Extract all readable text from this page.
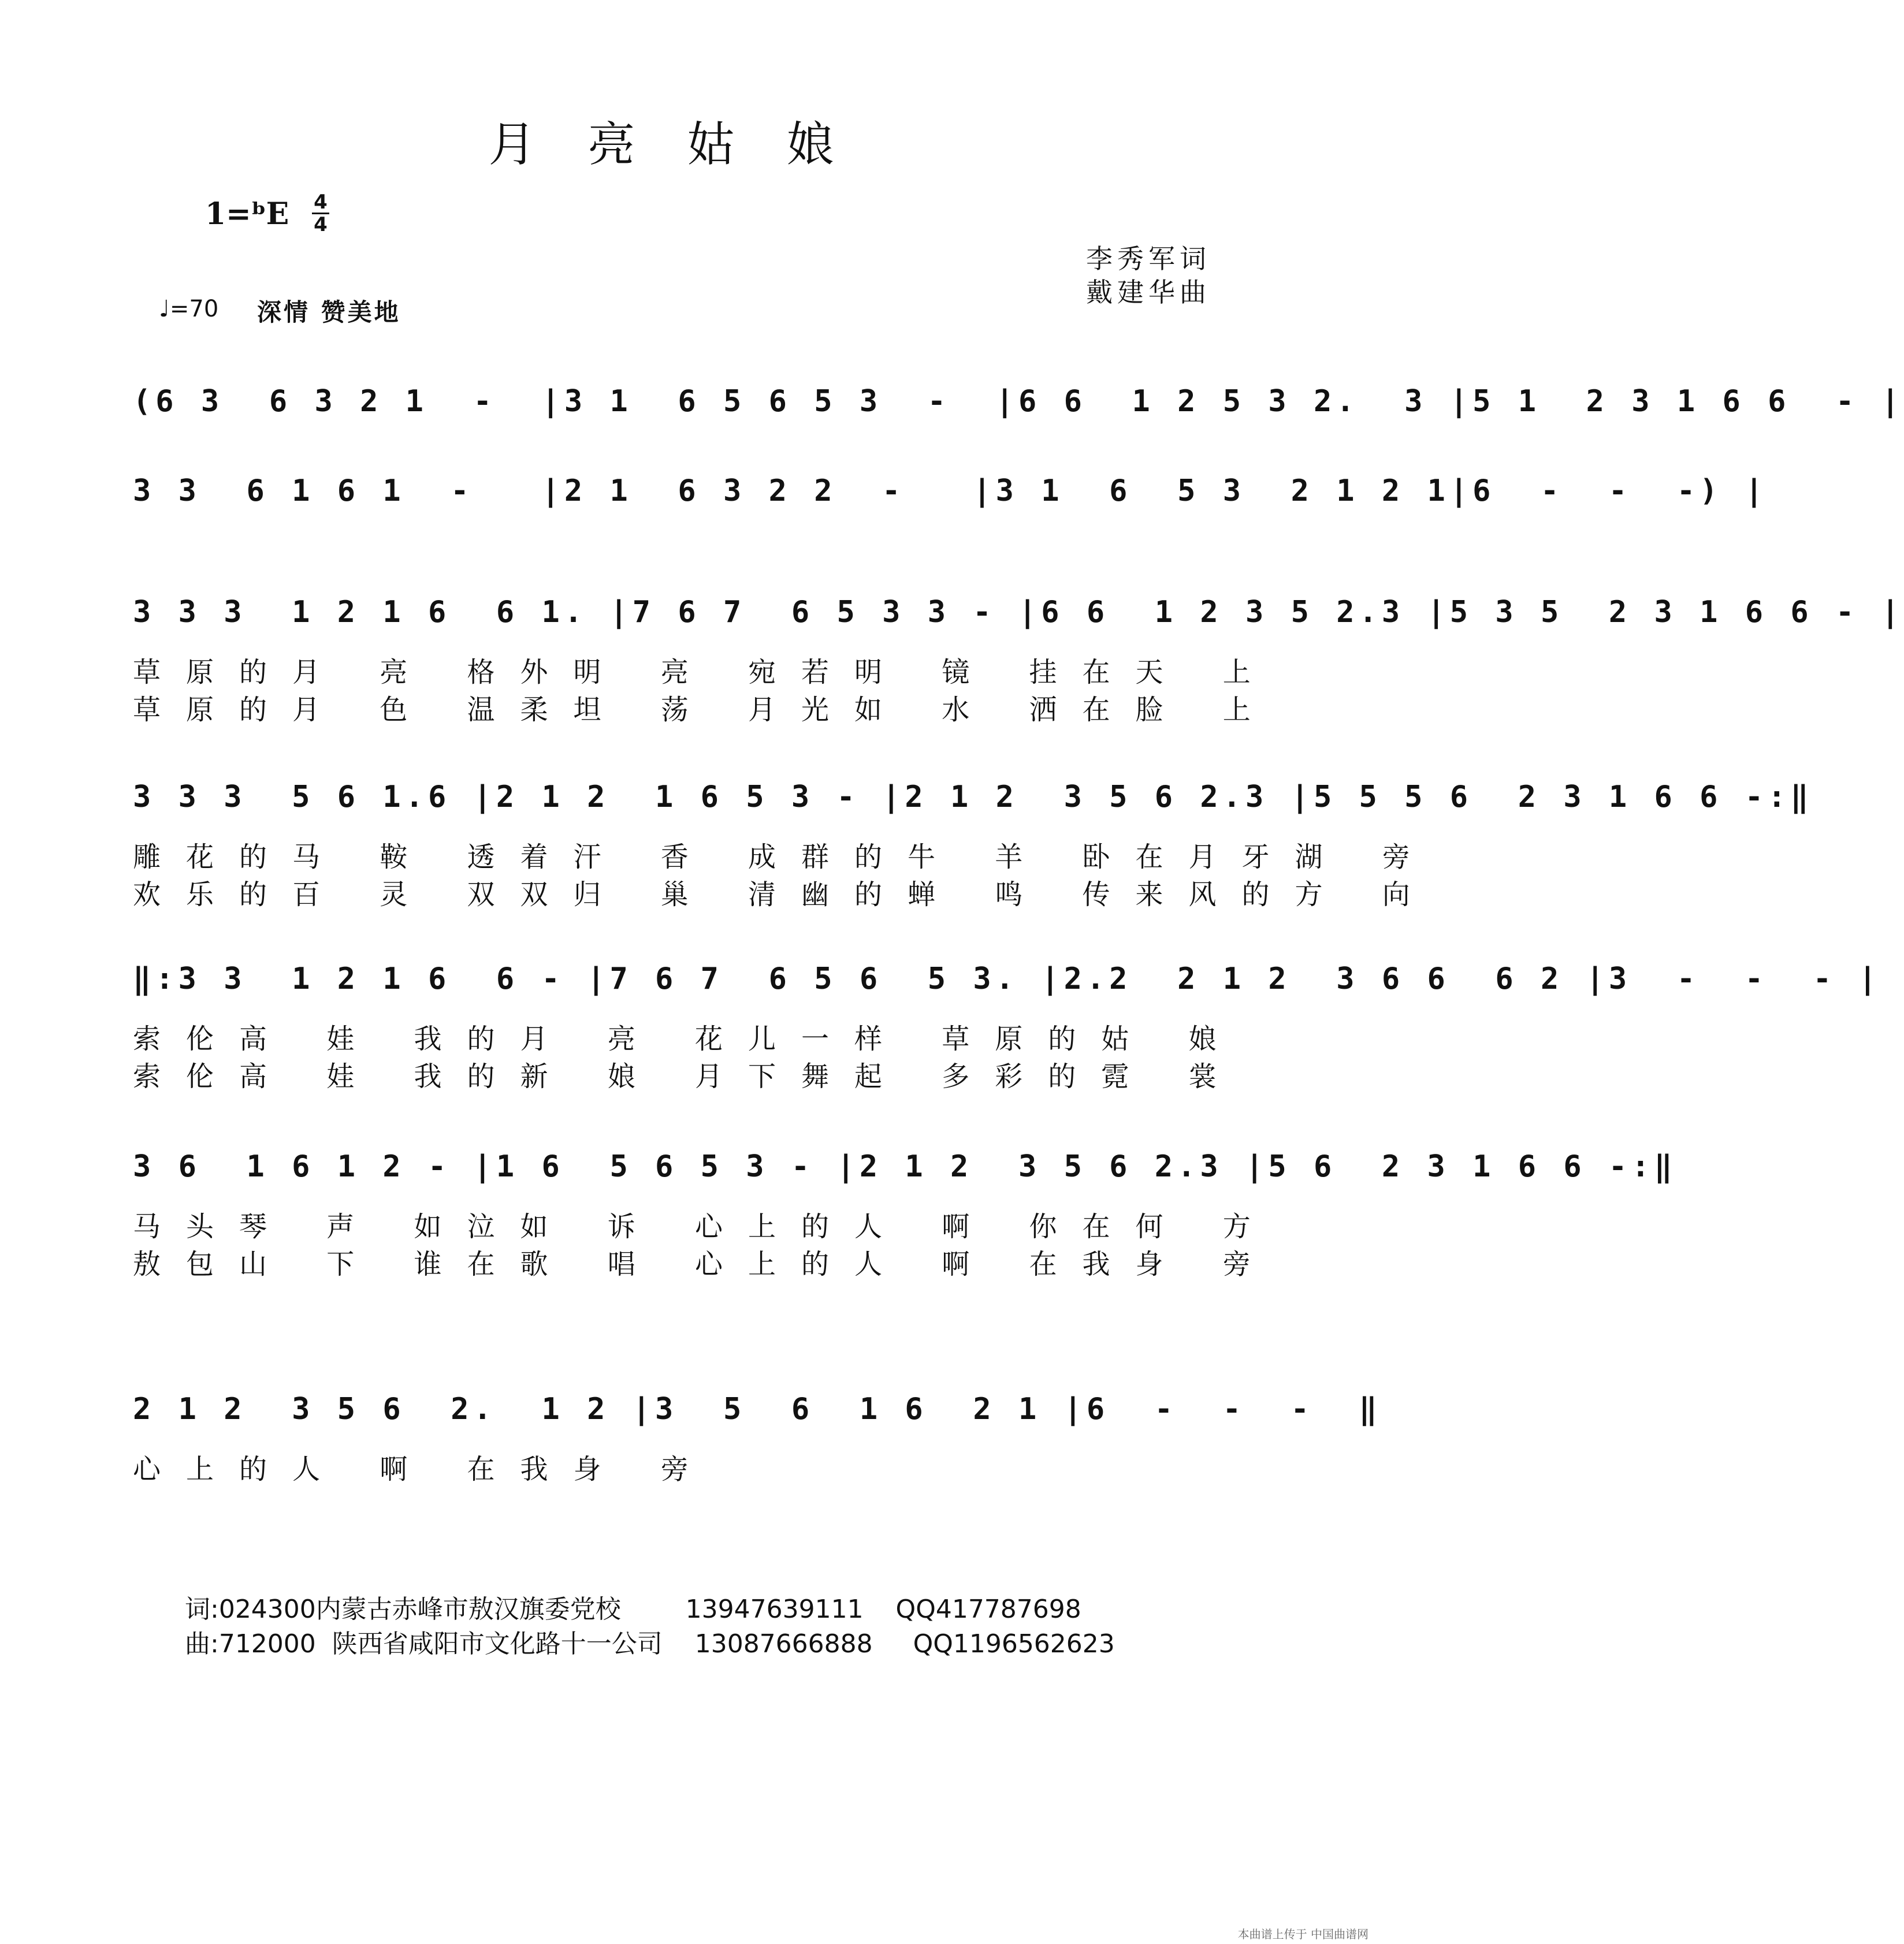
月亮姑娘
1=ᵇE 4
4
李秀军词
戴建华曲
♩=70 深情 赞美地
(6 3  6 3 2 1  -  |3 1  6 5 6 5 3  -  |6 6  1 2 5 3 2.  3 |5 1  2 3 1 6 6  - |
3 3  6 1 6 1  -   |2 1  6 3 2 2  -   |3 1  6  5 3  2 1 2 1|6  -  -  -) |
3 3 3  1 2 1 6  6 1. |7 6 7  6 5 3 3 - |6 6  1 2 3 5 2.3 |5 3 5  2 3 1 6 6 - |
草原的月 亮 格外明 亮 宛若明 镜 挂在天 上
草原的月 色 温柔坦 荡 月光如 水 洒在脸 上
3 3 3  5 6 1.6 |2 1 2  1 6 5 3 - |2 1 2  3 5 6 2.3 |5 5 5 6  2 3 1 6 6 -:‖
雕花的马 鞍 透着汗 香 成群的牛 羊 卧在月牙湖 旁
欢乐的百 灵 双双归 巢 清幽的蝉 鸣 传来风的方 向
‖:3 3  1 2 1 6  6 - |7 6 7  6 5 6  5 3. |2.2  2 1 2  3 6 6  6 2 |3  -  -  - |
索伦高 娃 我的月 亮 花儿一样 草原的姑 娘
索伦高 娃 我的新 娘 月下舞起 多彩的霓 裳
3 6  1 6 1 2 - |1 6  5 6 5 3 - |2 1 2  3 5 6 2.3 |5 6  2 3 1 6 6 -:‖
马头琴 声 如泣如 诉 心上的人 啊 你在何 方
敖包山 下 谁在歌 唱 心上的人 啊 在我身 旁
2 1 2  3 5 6  2.  1 2 |3  5  6  1 6  2 1 |6  -  -  -  ‖
心上的人 啊 在我身 旁
词:024300内蒙古赤峰市敖汉旗委党校        13947639111    QQ417787698
曲:712000  陕西省咸阳市文化路十一公司    13087666888     QQ1196562623
本曲谱上传于 中国曲谱网
